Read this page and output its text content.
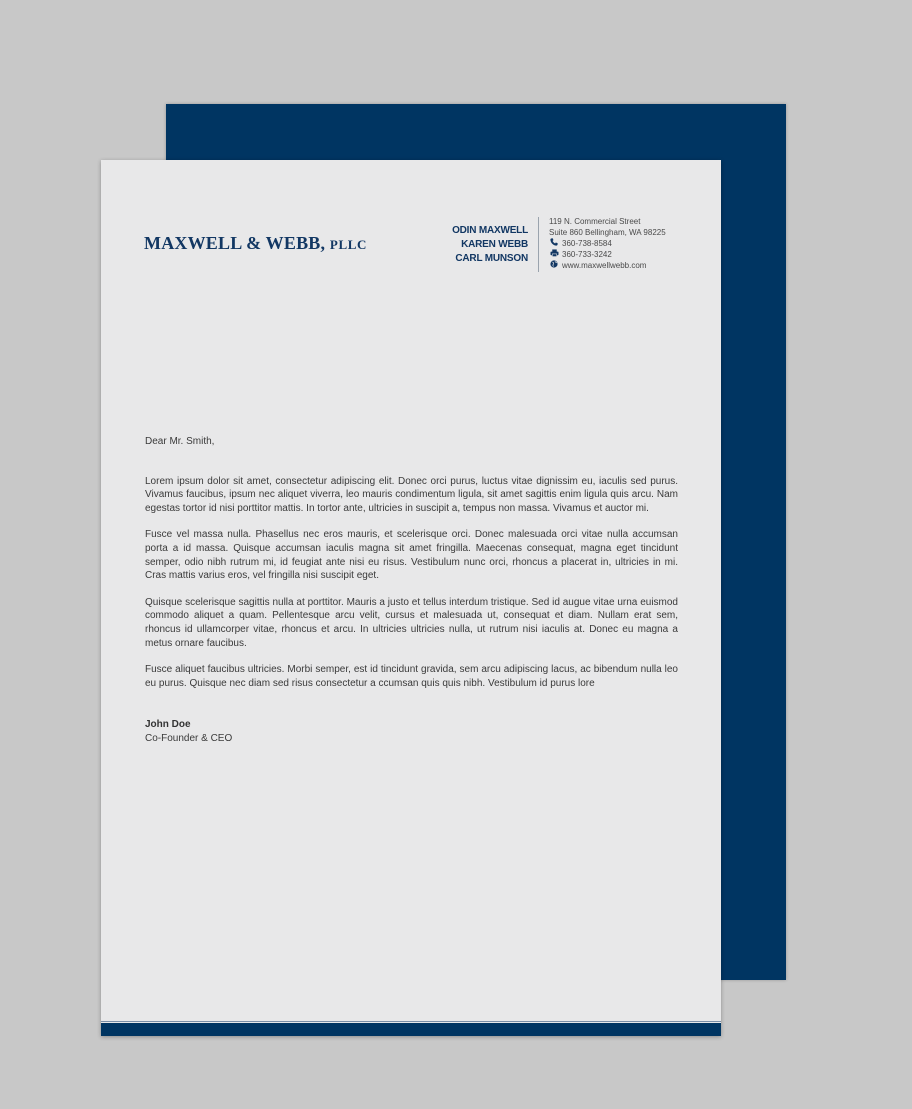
MAXWELL & WEBB, PLLC
ODIN MAXWELL
KAREN WEBB
CARL MUNSON
119 N. Commercial Street
Suite 860 Bellingham, WA 98225
360-738-8584
360-733-3242
www.maxwellwebb.com

Dear Mr. Smith,

Lorem ipsum dolor sit amet, consectetur adipiscing elit. Donec orci purus, luctus vitae dignissim eu, iaculis sed purus. Vivamus faucibus, ipsum nec aliquet viverra, leo mauris condimentum ligula, sit amet sagittis enim ligula quis arcu. Nam egestas tortor id nisi porttitor mattis. In tortor ante, ultricies in suscipit a, tempus non massa. Vivamus et auctor mi.

Fusce vel massa nulla. Phasellus nec eros mauris, et scelerisque orci. Donec malesuada orci vitae nulla accumsan porta a id massa. Quisque accumsan iaculis magna sit amet fringilla. Maecenas consequat, magna eget tincidunt semper, odio nibh rutrum mi, id feugiat ante nisi eu risus. Vestibulum nunc orci, rhoncus a placerat in, ultricies in mi. Cras mattis varius eros, vel fringilla nisi suscipit eget.

Quisque scelerisque sagittis nulla at porttitor. Mauris a justo et tellus interdum tristique. Sed id augue vitae urna euismod commodo aliquet a quam. Pellentesque arcu velit, cursus et malesuada ut, consequat et diam. Nullam erat sem, rhoncus id ullamcorper vitae, rhoncus et arcu. In ultricies ultricies nulla, ut rutrum nisi iaculis at. Donec eu magna a metus ornare faucibus.

Fusce aliquet faucibus ultricies. Morbi semper, est id tincidunt gravida, sem arcu adipiscing lacus, ac bibendum nulla leo eu purus. Quisque nec diam sed risus consectetur a ccumsan quis quis nibh. Vestibulum id purus lore

John Doe
Co-Founder & CEO
